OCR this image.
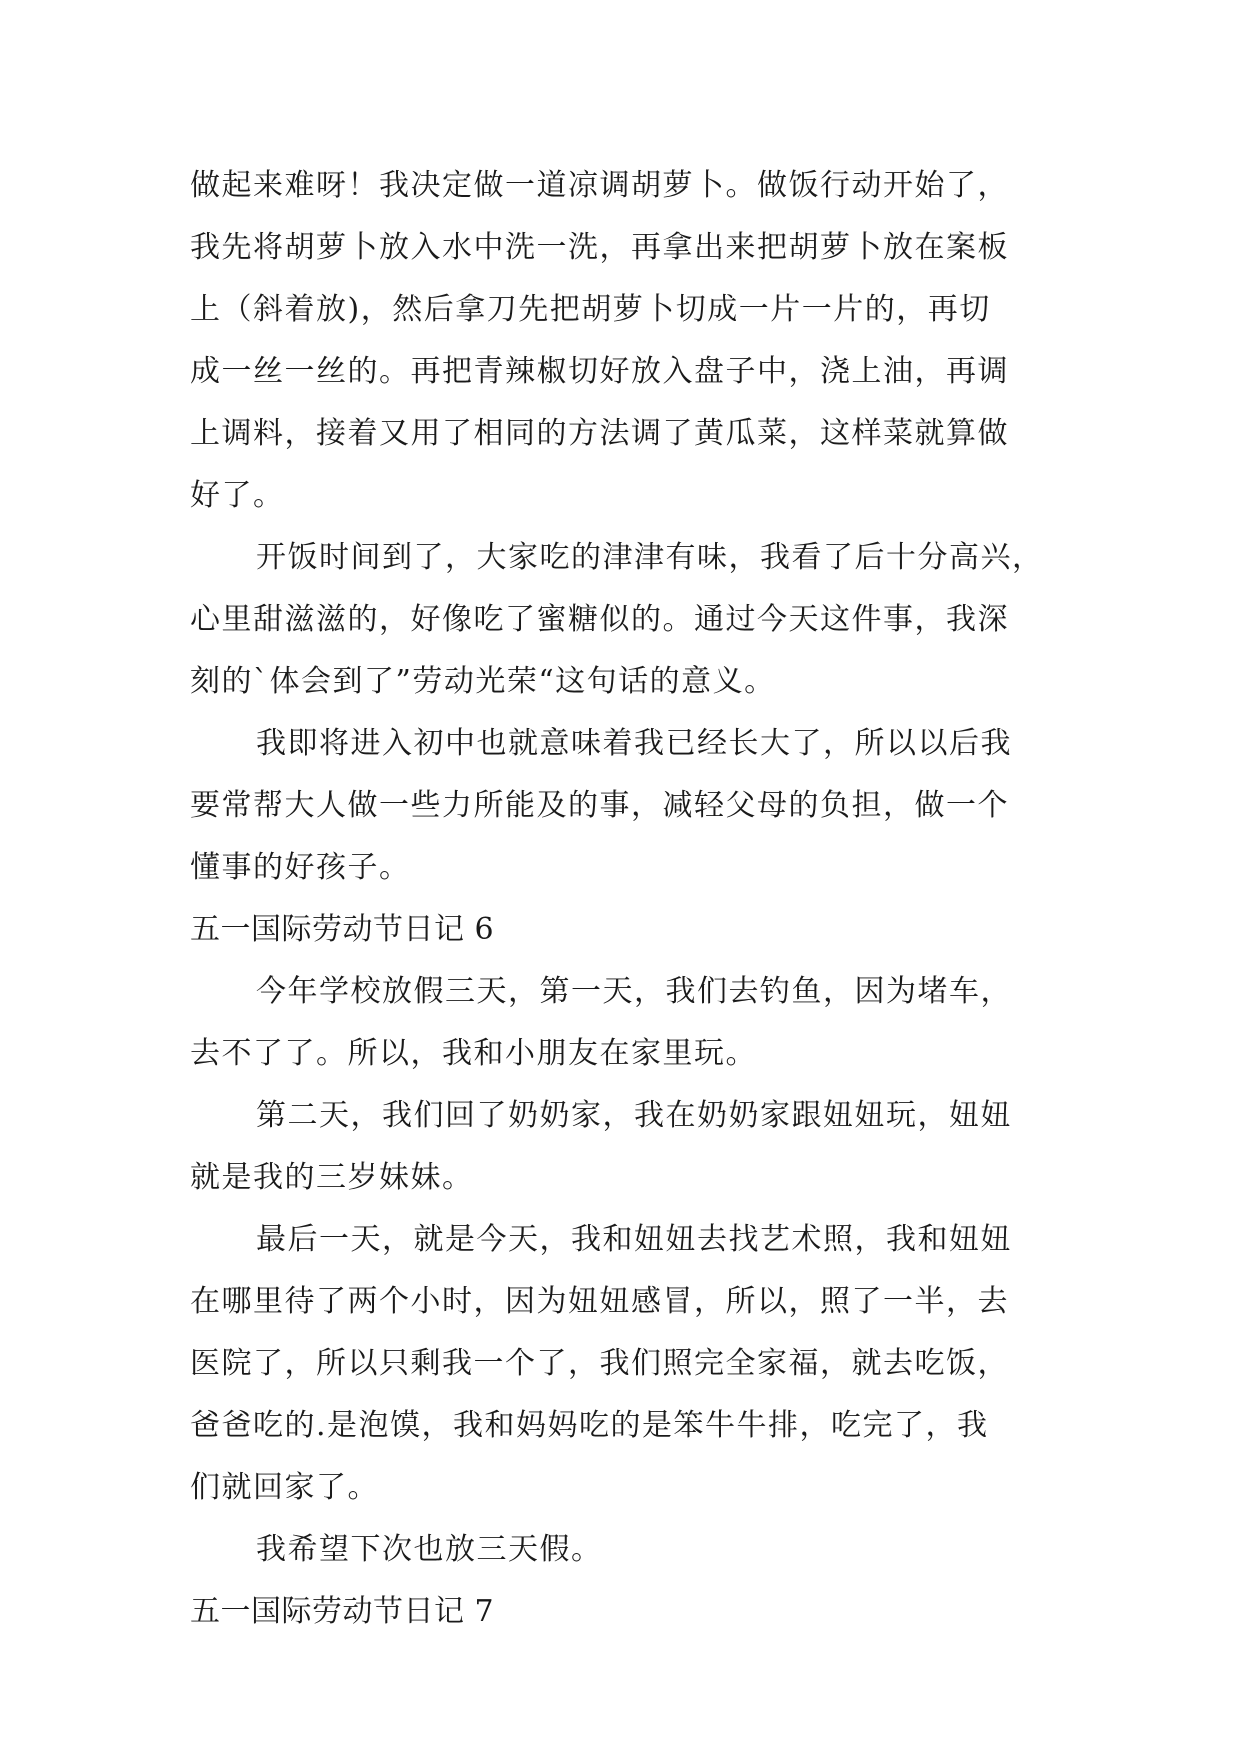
做起来难呀！我决定做一道凉调胡萝卜。做饭行动开始了，

我先将胡萝卜放入水中洗一洗，再拿出来把胡萝卜放在案板

上（斜着放)，然后拿刀先把胡萝卜切成一片一片的，再切

成一丝一丝的。再把青辣椒切好放入盘子中，浇上油，再调

上调料，接着又用了相同的方法调了黄瓜菜，这样菜就算做

好了。

开饭时间到了，大家吃的津津有味，我看了后十分高兴，

心里甜滋滋的，好像吃了蜜糖似的。通过今天这件事，我深

刻的`体会到了”劳动光荣“这句话的意义。

我即将进入初中也就意味着我已经长大了，所以以后我

要常帮大人做一些力所能及的事，减轻父母的负担，做一个

懂事的好孩子。

五一国际劳动节日记 6

今年学校放假三天，第一天，我们去钓鱼，因为堵车，

去不了了。所以，我和小朋友在家里玩。

第二天，我们回了奶奶家，我在奶奶家跟妞妞玩，妞妞

就是我的三岁妹妹。

最后一天，就是今天，我和妞妞去找艺术照，我和妞妞

在哪里待了两个小时，因为妞妞感冒，所以，照了一半，去

医院了，所以只剩我一个了，我们照完全家福，就去吃饭，

爸爸吃的.是泡馍，我和妈妈吃的是笨牛牛排，吃完了，我

们就回家了。

我希望下次也放三天假。

五一国际劳动节日记 7
